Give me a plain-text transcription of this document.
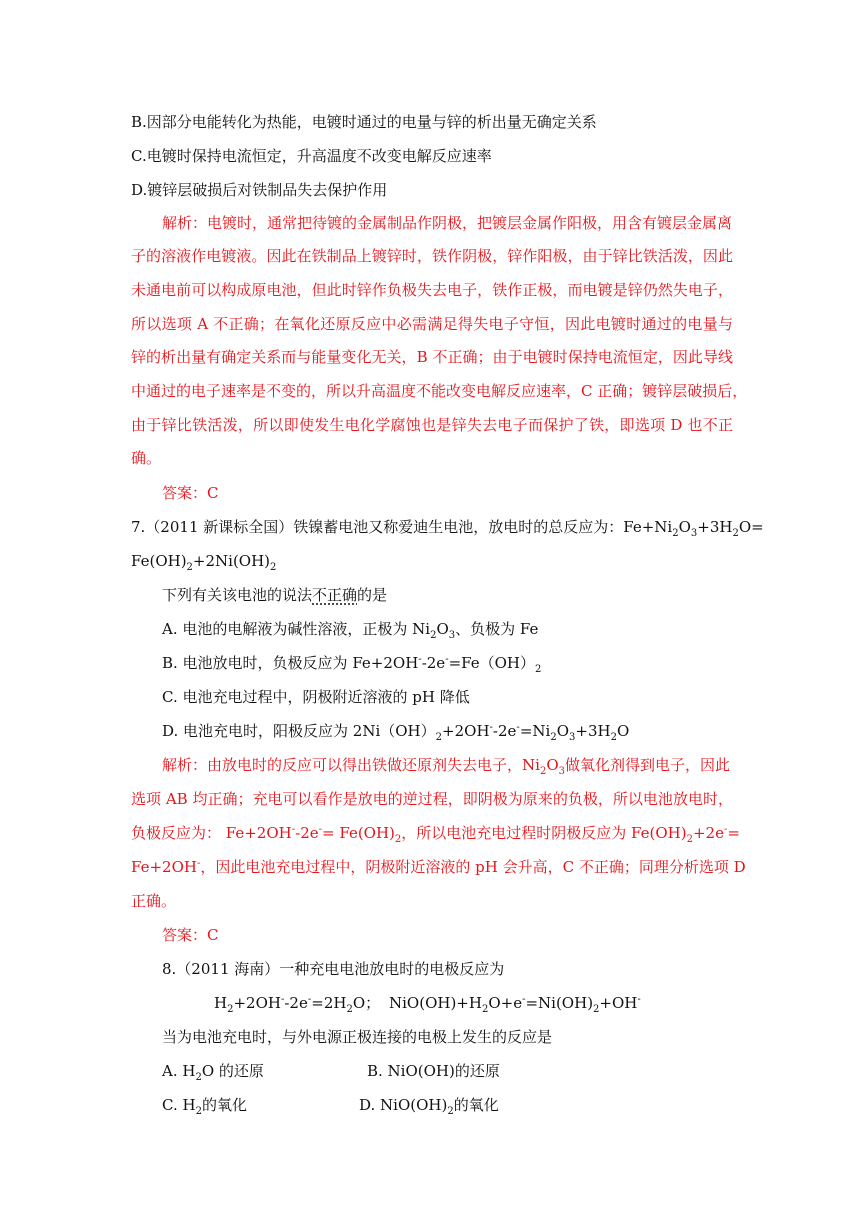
B.因部分电能转化为热能，电镀时通过的电量与锌的析出量无确定关系
C.电镀时保持电流恒定，升高温度不改变电解反应速率
D.镀锌层破损后对铁制品失去保护作用
解析：电镀时，通常把待镀的金属制品作阴极，把镀层金属作阳极，用含有镀层金属离
子的溶液作电镀液。因此在铁制品上镀锌时，铁作阴极，锌作阳极，由于锌比铁活泼，因此
未通电前可以构成原电池，但此时锌作负极失去电子，铁作正极，而电镀是锌仍然失电子，
所以选项 A 不正确；在氧化还原反应中必需满足得失电子守恒，因此电镀时通过的电量与
锌的析出量有确定关系而与能量变化无关，B 不正确；由于电镀时保持电流恒定，因此导线
中通过的电子速率是不变的，所以升高温度不能改变电解反应速率，C 正确；镀锌层破损后，
由于锌比铁活泼，所以即使发生电化学腐蚀也是锌失去电子而保护了铁，即选项 D 也不正
确。
答案：C
7.（2011 新课标全国）铁镍蓄电池又称爱迪生电池，放电时的总反应为：$Fe+Ni_2O_3+3H_2O=$
$Fe(OH)_2+2Ni(OH)_2$
下列有关该电池的说法不正确的是
A. 电池的电解液为碱性溶液，正极为 $Ni_2O_3$、负极为 Fe
B. 电池放电时，负极反应为 $Fe+2OH^--2e^-=Fe(OH)_2$
C. 电池充电过程中，阴极附近溶液的 pH 降低
D. 电池充电时，阳极反应为 $2Ni(OH)_2+2OH^--2e^-=Ni_2O_3+3H_2O$
解析：由放电时的反应可以得出铁做还原剂失去电子，$Ni_2O_3$做氧化剂得到电子，因此
选项 AB 均正确；充电可以看作是放电的逆过程，即阴极为原来的负极，所以电池放电时，
负极反应为： $Fe+2OH^--2e^-= Fe(OH)_2$，所以电池充电过程时阴极反应为 $Fe(OH)_2+2e^-=$
Fe+2OH-，因此电池充电过程中，阴极附近溶液的 pH 会升高，C 不正确；同理分析选项 D
正确。
答案：C
8.（2011 海南）一种充电电池放电时的电极反应为
$H_2+2OH^--2e^-=2H_2O$； $NiO(OH)+H_2O+e^-=Ni(OH)_2+OH^-$
当为电池充电时，与外电源正极连接的电极上发生的反应是
A. $H_2O$ 的还原	B. NiO(OH)的还原
C. $H_2$的氧化	D. $NiO(OH)_2$的氧化
